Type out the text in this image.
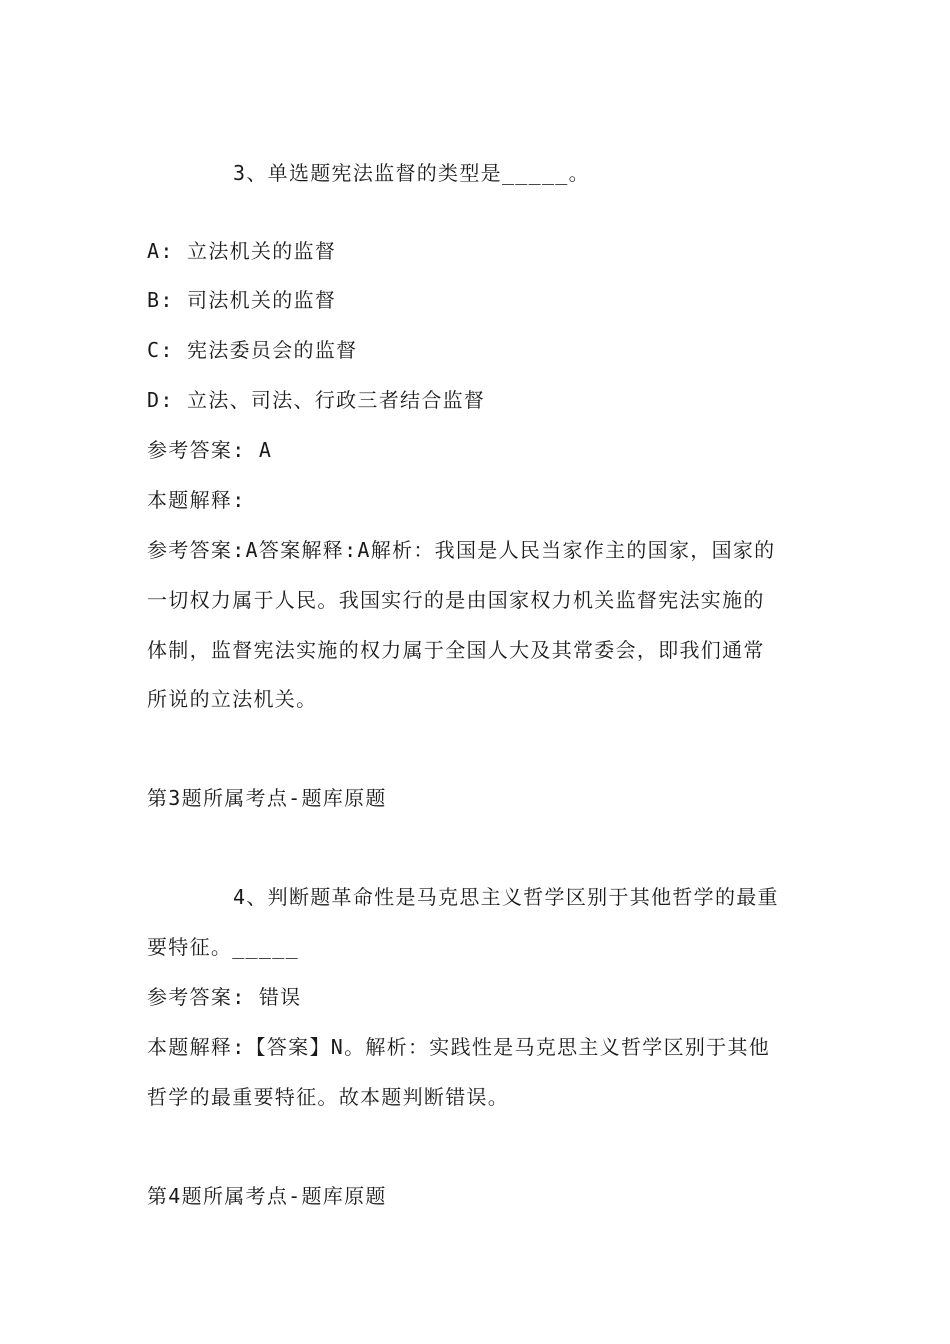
3、单选题宪法监督的类型是_____。
A: 立法机关的监督
B: 司法机关的监督
C: 宪法委员会的监督
D: 立法、司法、行政三者结合监督
参考答案: A
本题解释:
参考答案:A答案解释:A解析：我国是人民当家作主的国家，国家的
一切权力属于人民。我国实行的是由国家权力机关监督宪法实施的
体制，监督宪法实施的权力属于全国人大及其常委会，即我们通常
所说的立法机关。
第3题所属考点-题库原题
4、判断题革命性是马克思主义哲学区别于其他哲学的最重
要特征。_____
参考答案: 错误
本题解释:【答案】N。解析：实践性是马克思主义哲学区别于其他
哲学的最重要特征。故本题判断错误。
第4题所属考点-题库原题
